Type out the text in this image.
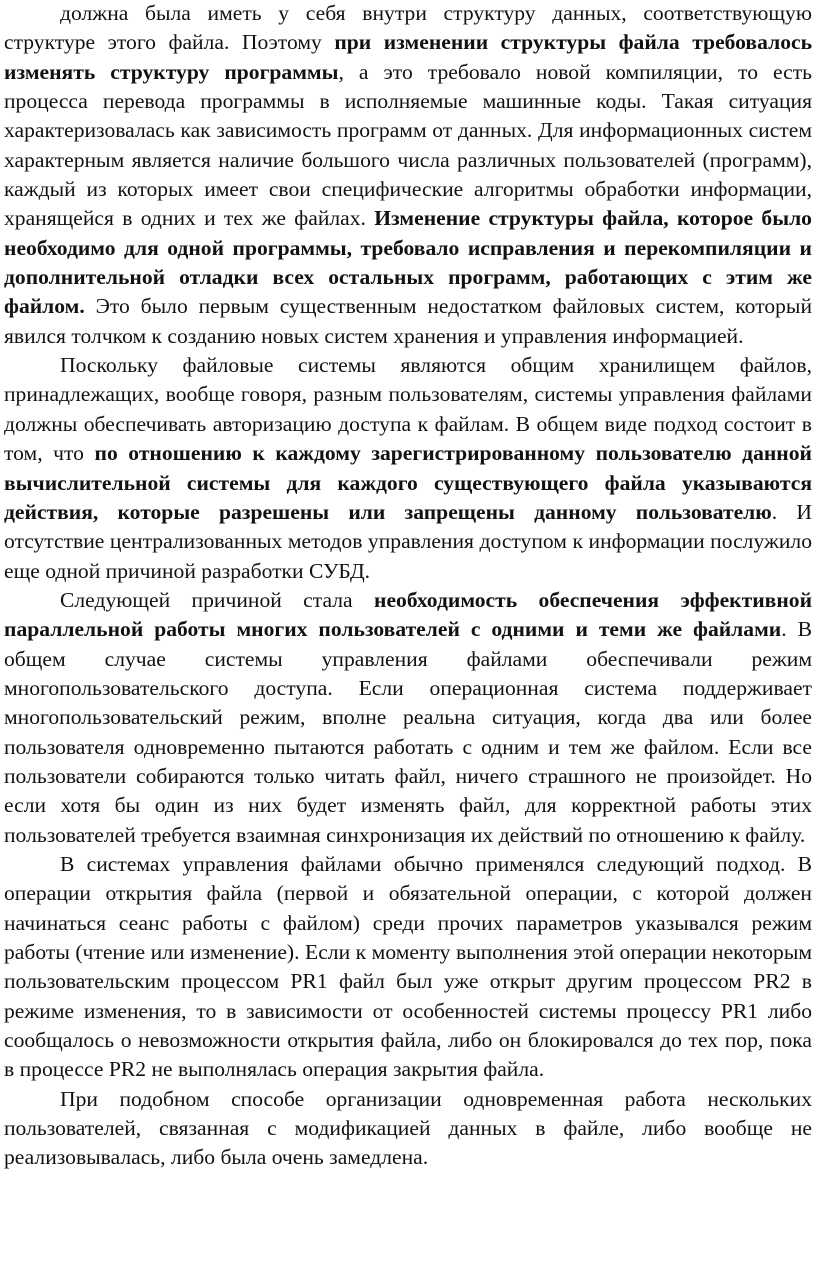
должна была иметь у себя внутри структуру данных, соответствующую структуре этого файла. Поэтому при изменении структуры файла требовалось изменять структуру программы, а это требовало новой компиляции, то есть процесса перевода программы в исполняемые машинные коды. Такая ситуация характеризовалась как зависимость программ от данных. Для информационных систем характерным является наличие большого числа различных пользователей (программ), каждый из которых имеет свои специфические алгоритмы обработки информации, хранящейся в одних и тех же файлах. Изменение структуры файла, которое было необходимо для одной программы, требовало исправления и перекомпиляции и дополнительной отладки всех остальных программ, работающих с этим же файлом. Это было первым существенным недостатком файловых систем, который явился толчком к созданию новых систем хранения и управления информацией.

Поскольку файловые системы являются общим хранилищем файлов, принадлежащих, вообще говоря, разным пользователям, системы управления файлами должны обеспечивать авторизацию доступа к файлам. В общем виде подход состоит в том, что по отношению к каждому зарегистрированному пользователю данной вычислительной системы для каждого существующего файла указываются действия, которые разрешены или запрещены данному пользователю. И отсутствие централизованных методов управления доступом к информации послужило еще одной причиной разработки СУБД.

Следующей причиной стала необходимость обеспечения эффективной параллельной работы многих пользователей с одними и теми же файлами. В общем случае системы управления файлами обеспечивали режим многопользовательского доступа. Если операционная система поддерживает многопользовательский режим, вполне реальна ситуация, когда два или более пользователя одновременно пытаются работать с одним и тем же файлом. Если все пользователи собираются только читать файл, ничего страшного не произойдет. Но если хотя бы один из них будет изменять файл, для корректной работы этих пользователей требуется взаимная синхронизация их действий по отношению к файлу.

В системах управления файлами обычно применялся следующий подход. В операции открытия файла (первой и обязательной операции, с которой должен начинаться сеанс работы с файлом) среди прочих параметров указывался режим работы (чтение или изменение). Если к моменту выполнения этой операции некоторым пользовательским процессом PR1 файл был уже открыт другим процессом PR2 в режиме изменения, то в зависимости от особенностей системы процессу PR1 либо сообщалось о невозможности открытия файла, либо он блокировался до тех пор, пока в процессе PR2 не выполнялась операция закрытия файла.

При подобном способе организации одновременная работа нескольких пользователей, связанная с модификацией данных в файле, либо вообще не реализовывалась, либо была очень замедлена.
